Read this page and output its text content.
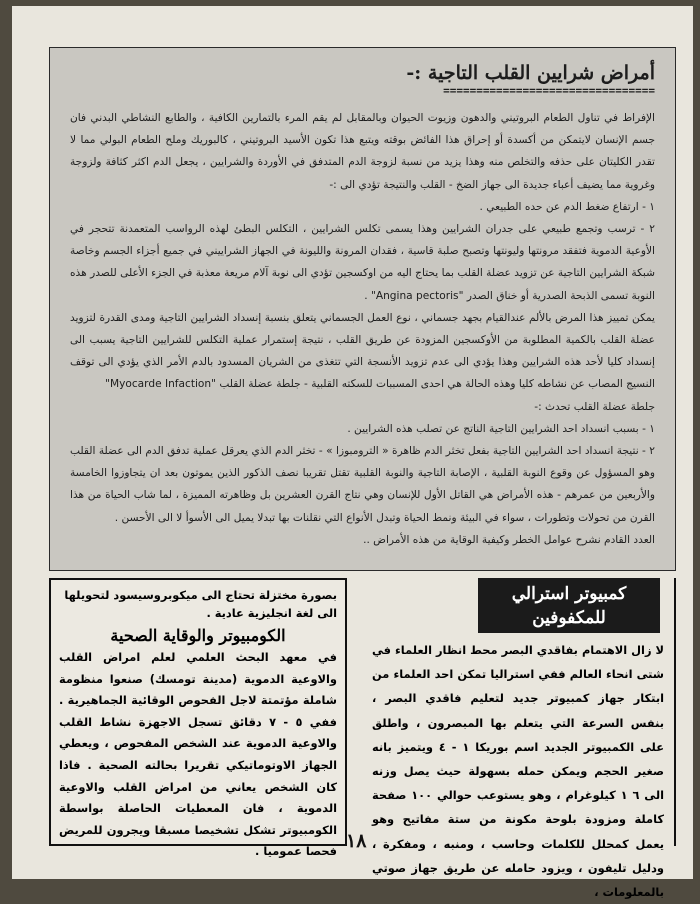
أمراض شرايين القلب التاجية :-
================================

الإفراط في تناول الطعام البروتيني والدهون وزيوت الحيوان وبالمقابل لم يقم المرء بالتمارين الكافية ، والطابع النشاطي البدني فان جسم الإنسان لايتمكن من أكسدة أو إحراق هذا الفائض بوقته ويتبع هذا تكون الأسيد البروتيني ، كالبوريك وملح الطعام البولي مما لا تقدر الكليتان على حذفه والتخلص منه وهذا يزيد من نسبة لزوجة الدم المتدفق في الأوردة والشرايين ، يجعل الدم اكثر كثافة ولزوجة وغروية مما يضيف أعباء جديدة الى جهاز الضخ - القلب والنتيجة تؤدي الى :-

١ - ارتفاع ضغط الدم عن حده الطبيعي .

٢ - ترسب وتجمع طبيعي على جدران الشرايين وهذا يسمى تكلس الشرايين ، التكلس البطئ لهذه الرواسب المتعمدنة تتحجر في الأوعية الدموية فتفقد مرونتها وليونتها وتصبح صلبة قاسية ، فقدان المرونة والليونة في الجهاز الشراييني في جميع أجزاء الجسم وخاصة شبكة الشرايين التاجية عن تزويد عضلة القلب بما يحتاج اليه من اوكسجين تؤدي الى نوبة آلام مريعة معذبة في الجزء الأعلى للصدر هذه النوبة تسمى الذبحة الصدرية أو خناق الصدر "Angina pectoris" .

يمكن تمييز هذا المرض بالألم عندالقيام بجهد جسماني ، نوع العمل الجسماني يتعلق بنسبة إنسداد الشرايين التاجية ومدى القدرة لتزويد عضلة القلب بالكمية المطلوبة من الأوكسجين المزودة عن طريق القلب ، نتيجة إستمرار عملية التكلس للشرايين التاجية يسبب الى إنسداد كليا لأحد هذه الشرايين وهذا يؤدي الى عدم تزويد الأنسجة التي تتغذى من الشريان المسدود بالدم الأمر الذي يؤدي الى توقف النسيج المصاب عن نشاطه كليا وهذه الحالة هي احدى المسببات للسكته القلبية - جلطة عضلة القلب "Myocarde Infaction"

جلطة عضلة القلب تحدث :-

١ - بسبب انسداد احد الشرايين التاجية الناتج عن تصلب هذه الشرايين .

٢ - نتيجة انسداد احد الشرايين التاجية بفعل تخثر الدم ظاهرة « الترومبوزا » - تخثر الدم الذي يعرقل عملية تدفق الدم الى عضلة القلب وهو المسؤول عن وقوع النوبة القلبية ، الإصابة التاجية والنوبة القلبية تقتل تقريبا نصف الذكور الذين يموتون بعد ان يتجاوزوا الخامسة والأربعين من عمرهم - هذه الأمراض هي القاتل الأول للإنسان وهي نتاج القرن العشرين بل وظاهرته المميزة ، لما شاب الحياة من هذا القرن من تحولات وتطورات ، سواء في البيئة ونمط الحياة وتبدل الأنواع التي نقلنات بها تبدلا يميل الى الأسوأ لا الى الأحسن .

العدد القادم نشرح عوامل الخطر وكيفية الوقاية من هذه الأمراض ..

بصورة مختزلة تحتاج الى ميكوبروسيسود لتحويلها الى لغة انجليزية عادية .
الكومبيوتر والوقاية الصحية
في معهد البحث العلمي لعلم امراض القلب والاوعية الدموية (مدينة تومسك) صنعوا منظومة شاملة مؤتمتة لاجل الفحوص الوقائية الجماهيرية . ففي ٥ - ٧ دقائق تسجل الاجهزة نشاط القلب والاوعية الدموية عند الشخص المفحوص ، ويعطي الجهاز الاوتوماتيكي تقريرا بحالته الصحية . فاذا كان الشخص يعاني من امراض القلب والاوعية الدموية ، فان المعطيات الحاصلة بواسطة الكومبيوتر تشكل تشخيصا مسبقا ويجرون للمريض فحصا عموميا .
كمبيوتر استرالي
للمكفوفين
لا زال الاهتمام بفاقدي البصر محط انظار العلماء في شتى انحاء العالم ففي استراليا تمكن احد العلماء من ابتكار جهاز كمبيوتر جديد لتعليم فاقدي البصر ، بنفس السرعة التي يتعلم بها المبصرون ، واطلق على الكمبيوتر الجديد اسم بوريكا ١ - ٤ ويتميز بانه صغير الحجم ويمكن حمله بسهولة حيث يصل وزنه الى ٦ ١ كيلوغرام ، وهو يستوعب حوالي ١٠٠ صفحة كاملة ومزودة بلوحة مكونة من ستة مفاتيح وهو يعمل كمحلل للكلمات وحاسب ، ومنبه ، ومفكرة ، ودليل تليفون ، ويزود حامله عن طريق جهاز صوتي بالمعلومات ،
١٨
